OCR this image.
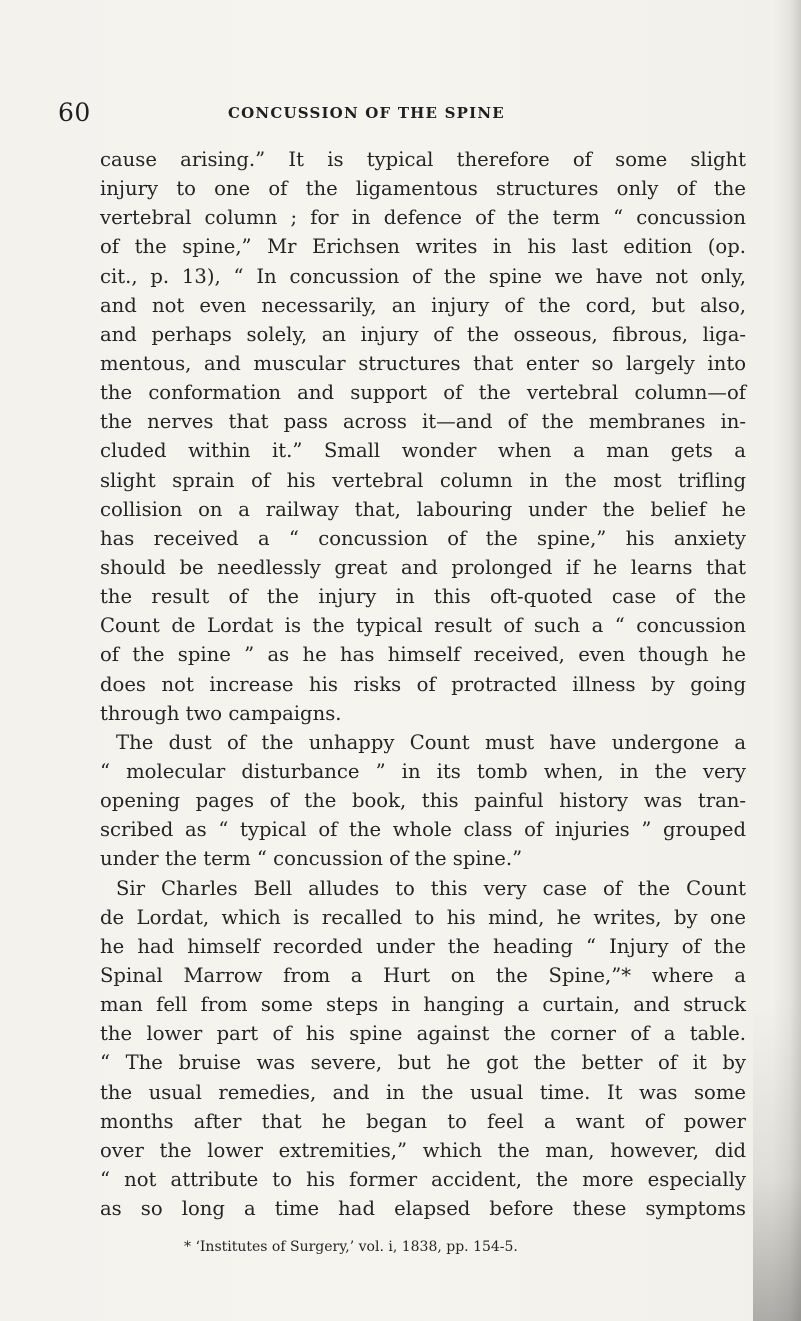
60	CONCUSSION OF THE SPINE
cause arising.” It is typical therefore of some slight
injury to one of the ligamentous structures only of the
vertebral column ; for in defence of the term “ concussion
of the spine,” Mr Erichsen writes in his last edition (op.
cit., p. 13), “ In concussion of the spine we have not only,
and not even necessarily, an injury of the cord, but also,
and perhaps solely, an injury of the osseous, fibrous, liga-
mentous, and muscular structures that enter so largely into
the conformation and support of the vertebral column—of
the nerves that pass across it—and of the membranes in-
cluded within it.” Small wonder when a man gets a
slight sprain of his vertebral column in the most trifling
collision on a railway that, labouring under the belief he
has received a “ concussion of the spine,” his anxiety
should be needlessly great and prolonged if he learns that
the result of the injury in this oft-quoted case of the
Count de Lordat is the typical result of such a “ concussion
of the spine ” as he has himself received, even though he
does not increase his risks of protracted illness by going
through two campaigns.
The dust of the unhappy Count must have undergone a
“ molecular disturbance ” in its tomb when, in the very
opening pages of the book, this painful history was tran-
scribed as “ typical of the whole class of injuries ” grouped
under the term “ concussion of the spine.”
Sir Charles Bell alludes to this very case of the Count
de Lordat, which is recalled to his mind, he writes, by one
he had himself recorded under the heading “ Injury of the
Spinal Marrow from a Hurt on the Spine,”* where a
man fell from some steps in hanging a curtain, and struck
the lower part of his spine against the corner of a table.
“ The bruise was severe, but he got the better of it by
the usual remedies, and in the usual time. It was some
months after that he began to feel a want of power
over the lower extremities,” which the man, however, did
“ not attribute to his former accident, the more especially
as so long a time had elapsed before these symptoms
* ‘Institutes of Surgery,’ vol. i, 1838, pp. 154-5.
